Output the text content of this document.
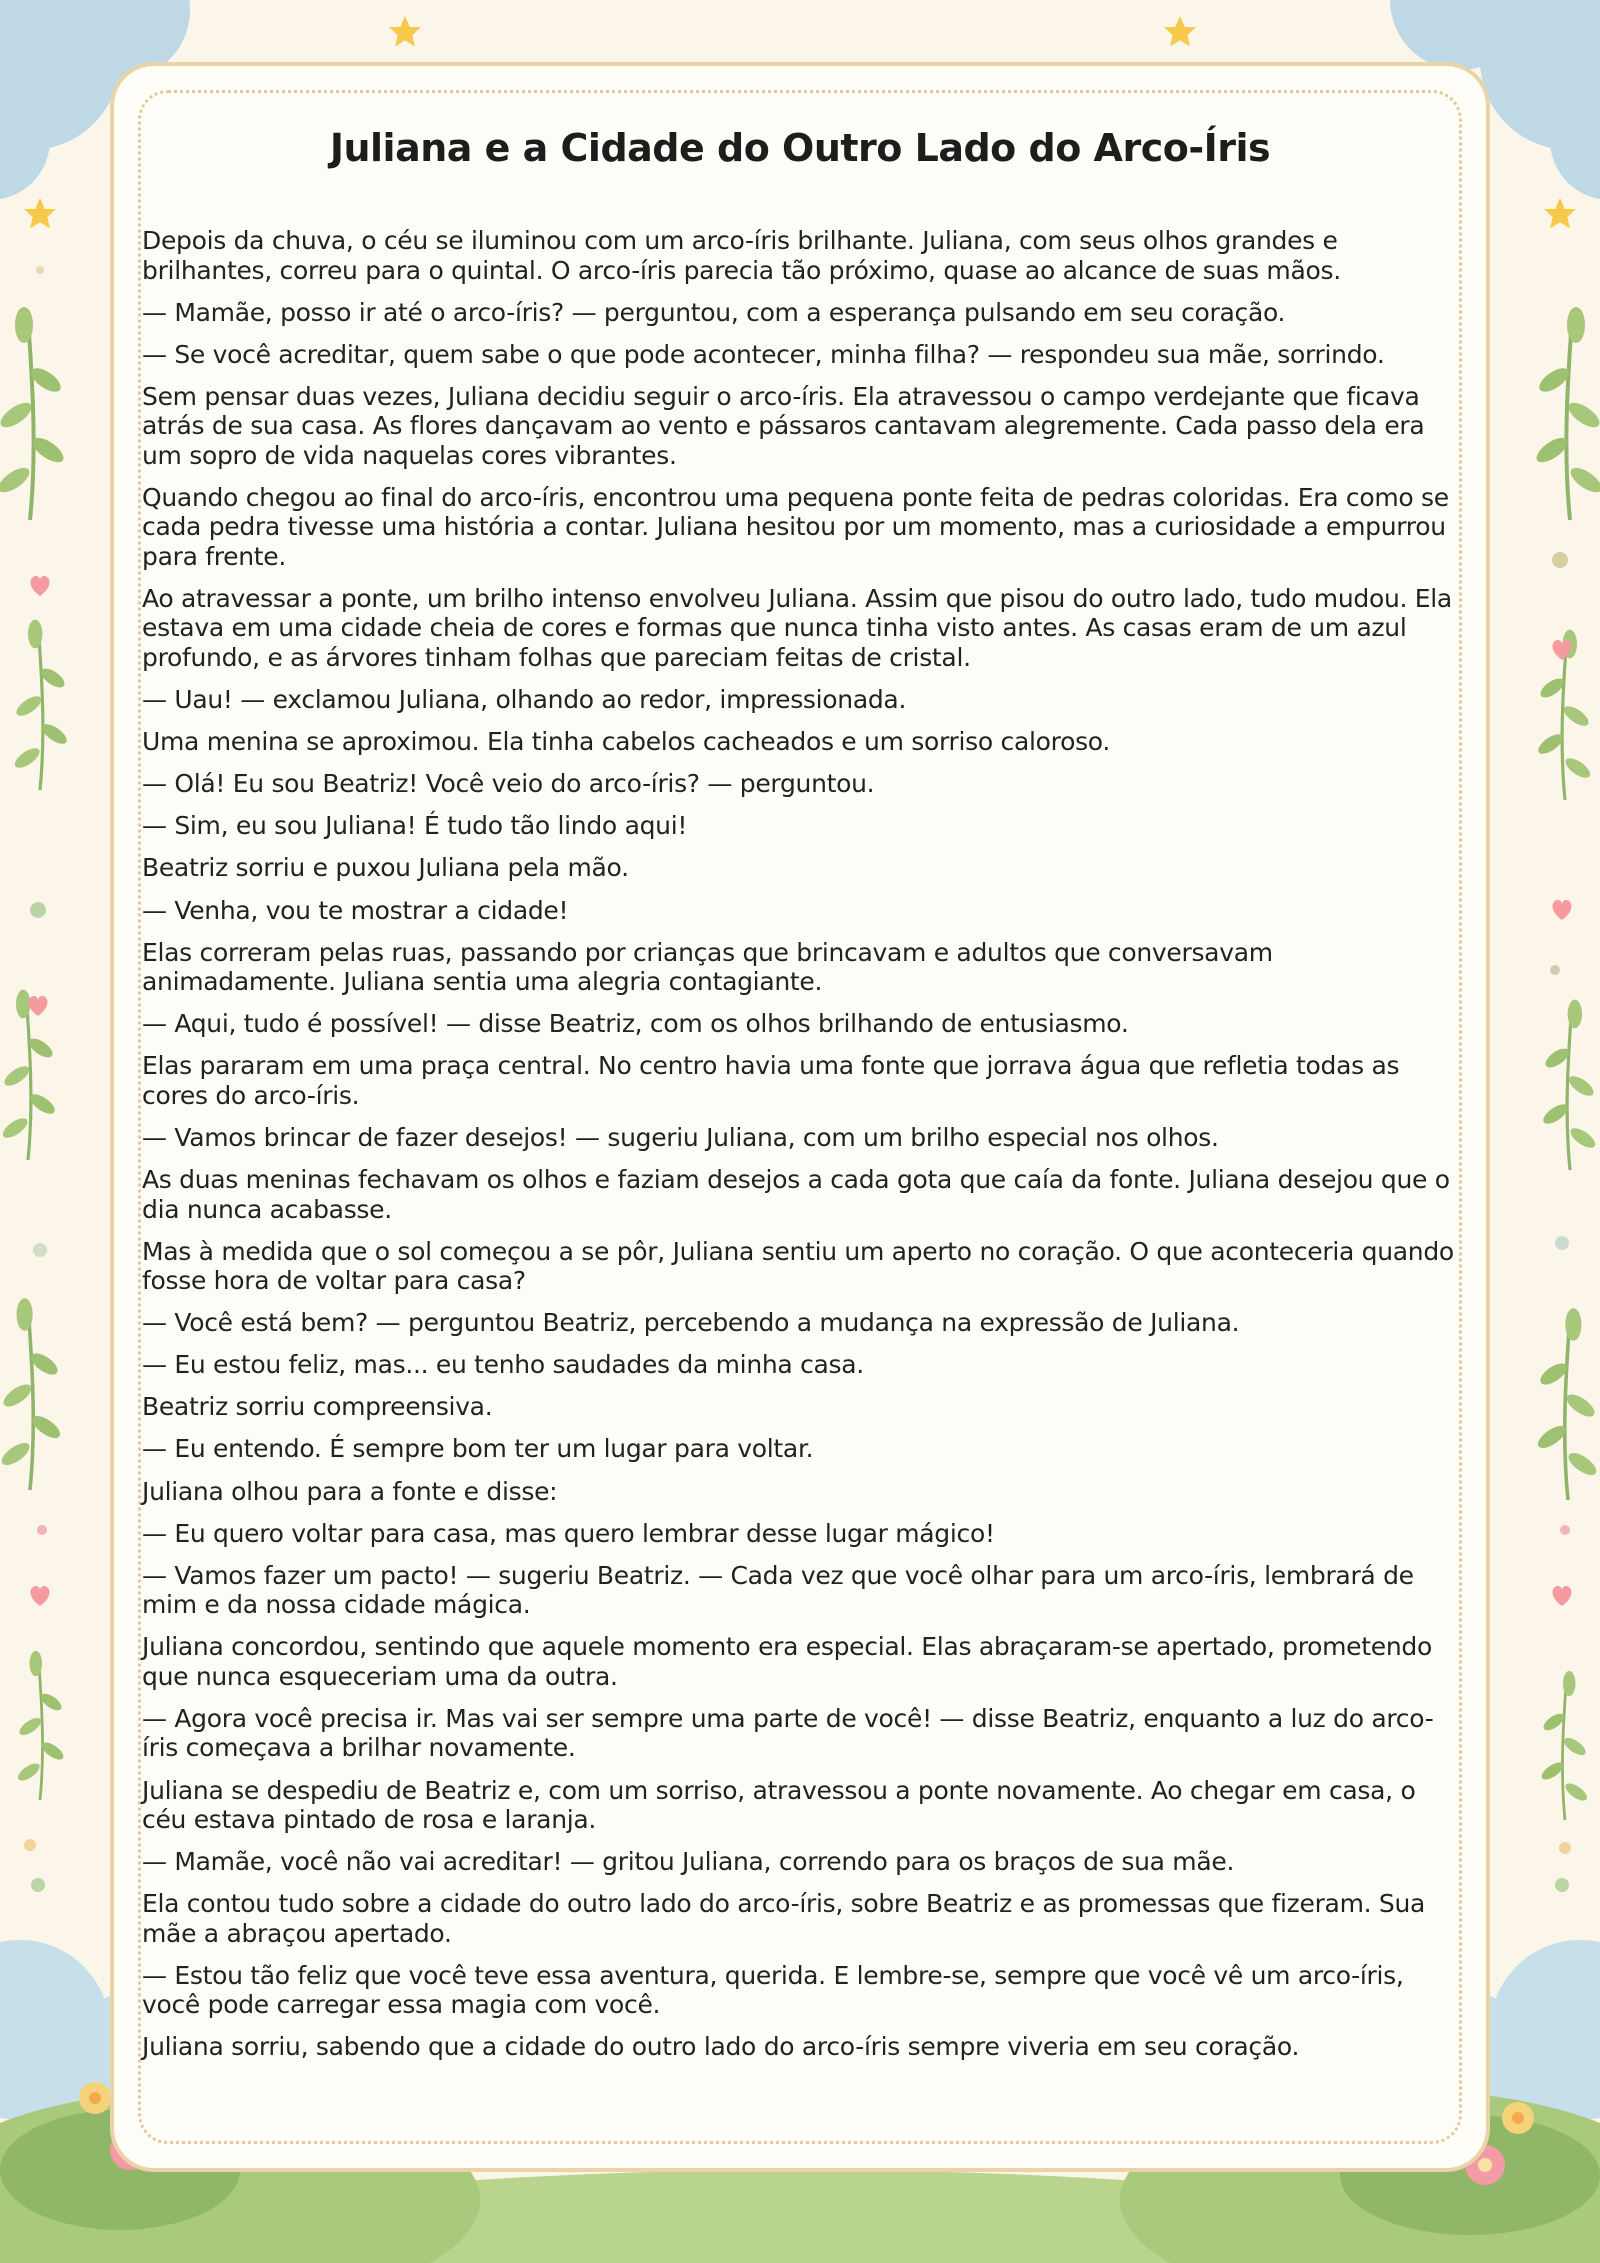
Juliana e a Cidade do Outro Lado do Arco-Íris

Depois da chuva, o céu se iluminou com um arco-íris brilhante. Juliana, com seus olhos grandes e brilhantes, correu para o quintal. O arco-íris parecia tão próximo, quase ao alcance de suas mãos.

— Mamãe, posso ir até o arco-íris? — perguntou, com a esperança pulsando em seu coração.

— Se você acreditar, quem sabe o que pode acontecer, minha filha? — respondeu sua mãe, sorrindo.

Sem pensar duas vezes, Juliana decidiu seguir o arco-íris. Ela atravessou o campo verdejante que ficava atrás de sua casa. As flores dançavam ao vento e pássaros cantavam alegremente. Cada passo dela era um sopro de vida naquelas cores vibrantes.

Quando chegou ao final do arco-íris, encontrou uma pequena ponte feita de pedras coloridas. Era como se cada pedra tivesse uma história a contar. Juliana hesitou por um momento, mas a curiosidade a empurrou para frente.

Ao atravessar a ponte, um brilho intenso envolveu Juliana. Assim que pisou do outro lado, tudo mudou. Ela estava em uma cidade cheia de cores e formas que nunca tinha visto antes. As casas eram de um azul profundo, e as árvores tinham folhas que pareciam feitas de cristal.

— Uau! — exclamou Juliana, olhando ao redor, impressionada.

Uma menina se aproximou. Ela tinha cabelos cacheados e um sorriso caloroso.

— Olá! Eu sou Beatriz! Você veio do arco-íris? — perguntou.

— Sim, eu sou Juliana! É tudo tão lindo aqui!

Beatriz sorriu e puxou Juliana pela mão.

— Venha, vou te mostrar a cidade!

Elas correram pelas ruas, passando por crianças que brincavam e adultos que conversavam animadamente. Juliana sentia uma alegria contagiante.

— Aqui, tudo é possível! — disse Beatriz, com os olhos brilhando de entusiasmo.

Elas pararam em uma praça central. No centro havia uma fonte que jorrava água que refletia todas as cores do arco-íris.

— Vamos brincar de fazer desejos! — sugeriu Juliana, com um brilho especial nos olhos.

As duas meninas fechavam os olhos e faziam desejos a cada gota que caía da fonte. Juliana desejou que o dia nunca acabasse.

Mas à medida que o sol começou a se pôr, Juliana sentiu um aperto no coração. O que aconteceria quando fosse hora de voltar para casa?

— Você está bem? — perguntou Beatriz, percebendo a mudança na expressão de Juliana.

— Eu estou feliz, mas... eu tenho saudades da minha casa.

Beatriz sorriu compreensiva.

— Eu entendo. É sempre bom ter um lugar para voltar.

Juliana olhou para a fonte e disse:

— Eu quero voltar para casa, mas quero lembrar desse lugar mágico!

— Vamos fazer um pacto! — sugeriu Beatriz. — Cada vez que você olhar para um arco-íris, lembrará de mim e da nossa cidade mágica.

Juliana concordou, sentindo que aquele momento era especial. Elas abraçaram-se apertado, prometendo que nunca esqueceriam uma da outra.

— Agora você precisa ir. Mas vai ser sempre uma parte de você! — disse Beatriz, enquanto a luz do arco-íris começava a brilhar novamente.

Juliana se despediu de Beatriz e, com um sorriso, atravessou a ponte novamente. Ao chegar em casa, o céu estava pintado de rosa e laranja.

— Mamãe, você não vai acreditar! — gritou Juliana, correndo para os braços de sua mãe.

Ela contou tudo sobre a cidade do outro lado do arco-íris, sobre Beatriz e as promessas que fizeram. Sua mãe a abraçou apertado.

— Estou tão feliz que você teve essa aventura, querida. E lembre-se, sempre que você vê um arco-íris, você pode carregar essa magia com você.

Juliana sorriu, sabendo que a cidade do outro lado do arco-íris sempre viveria em seu coração.
